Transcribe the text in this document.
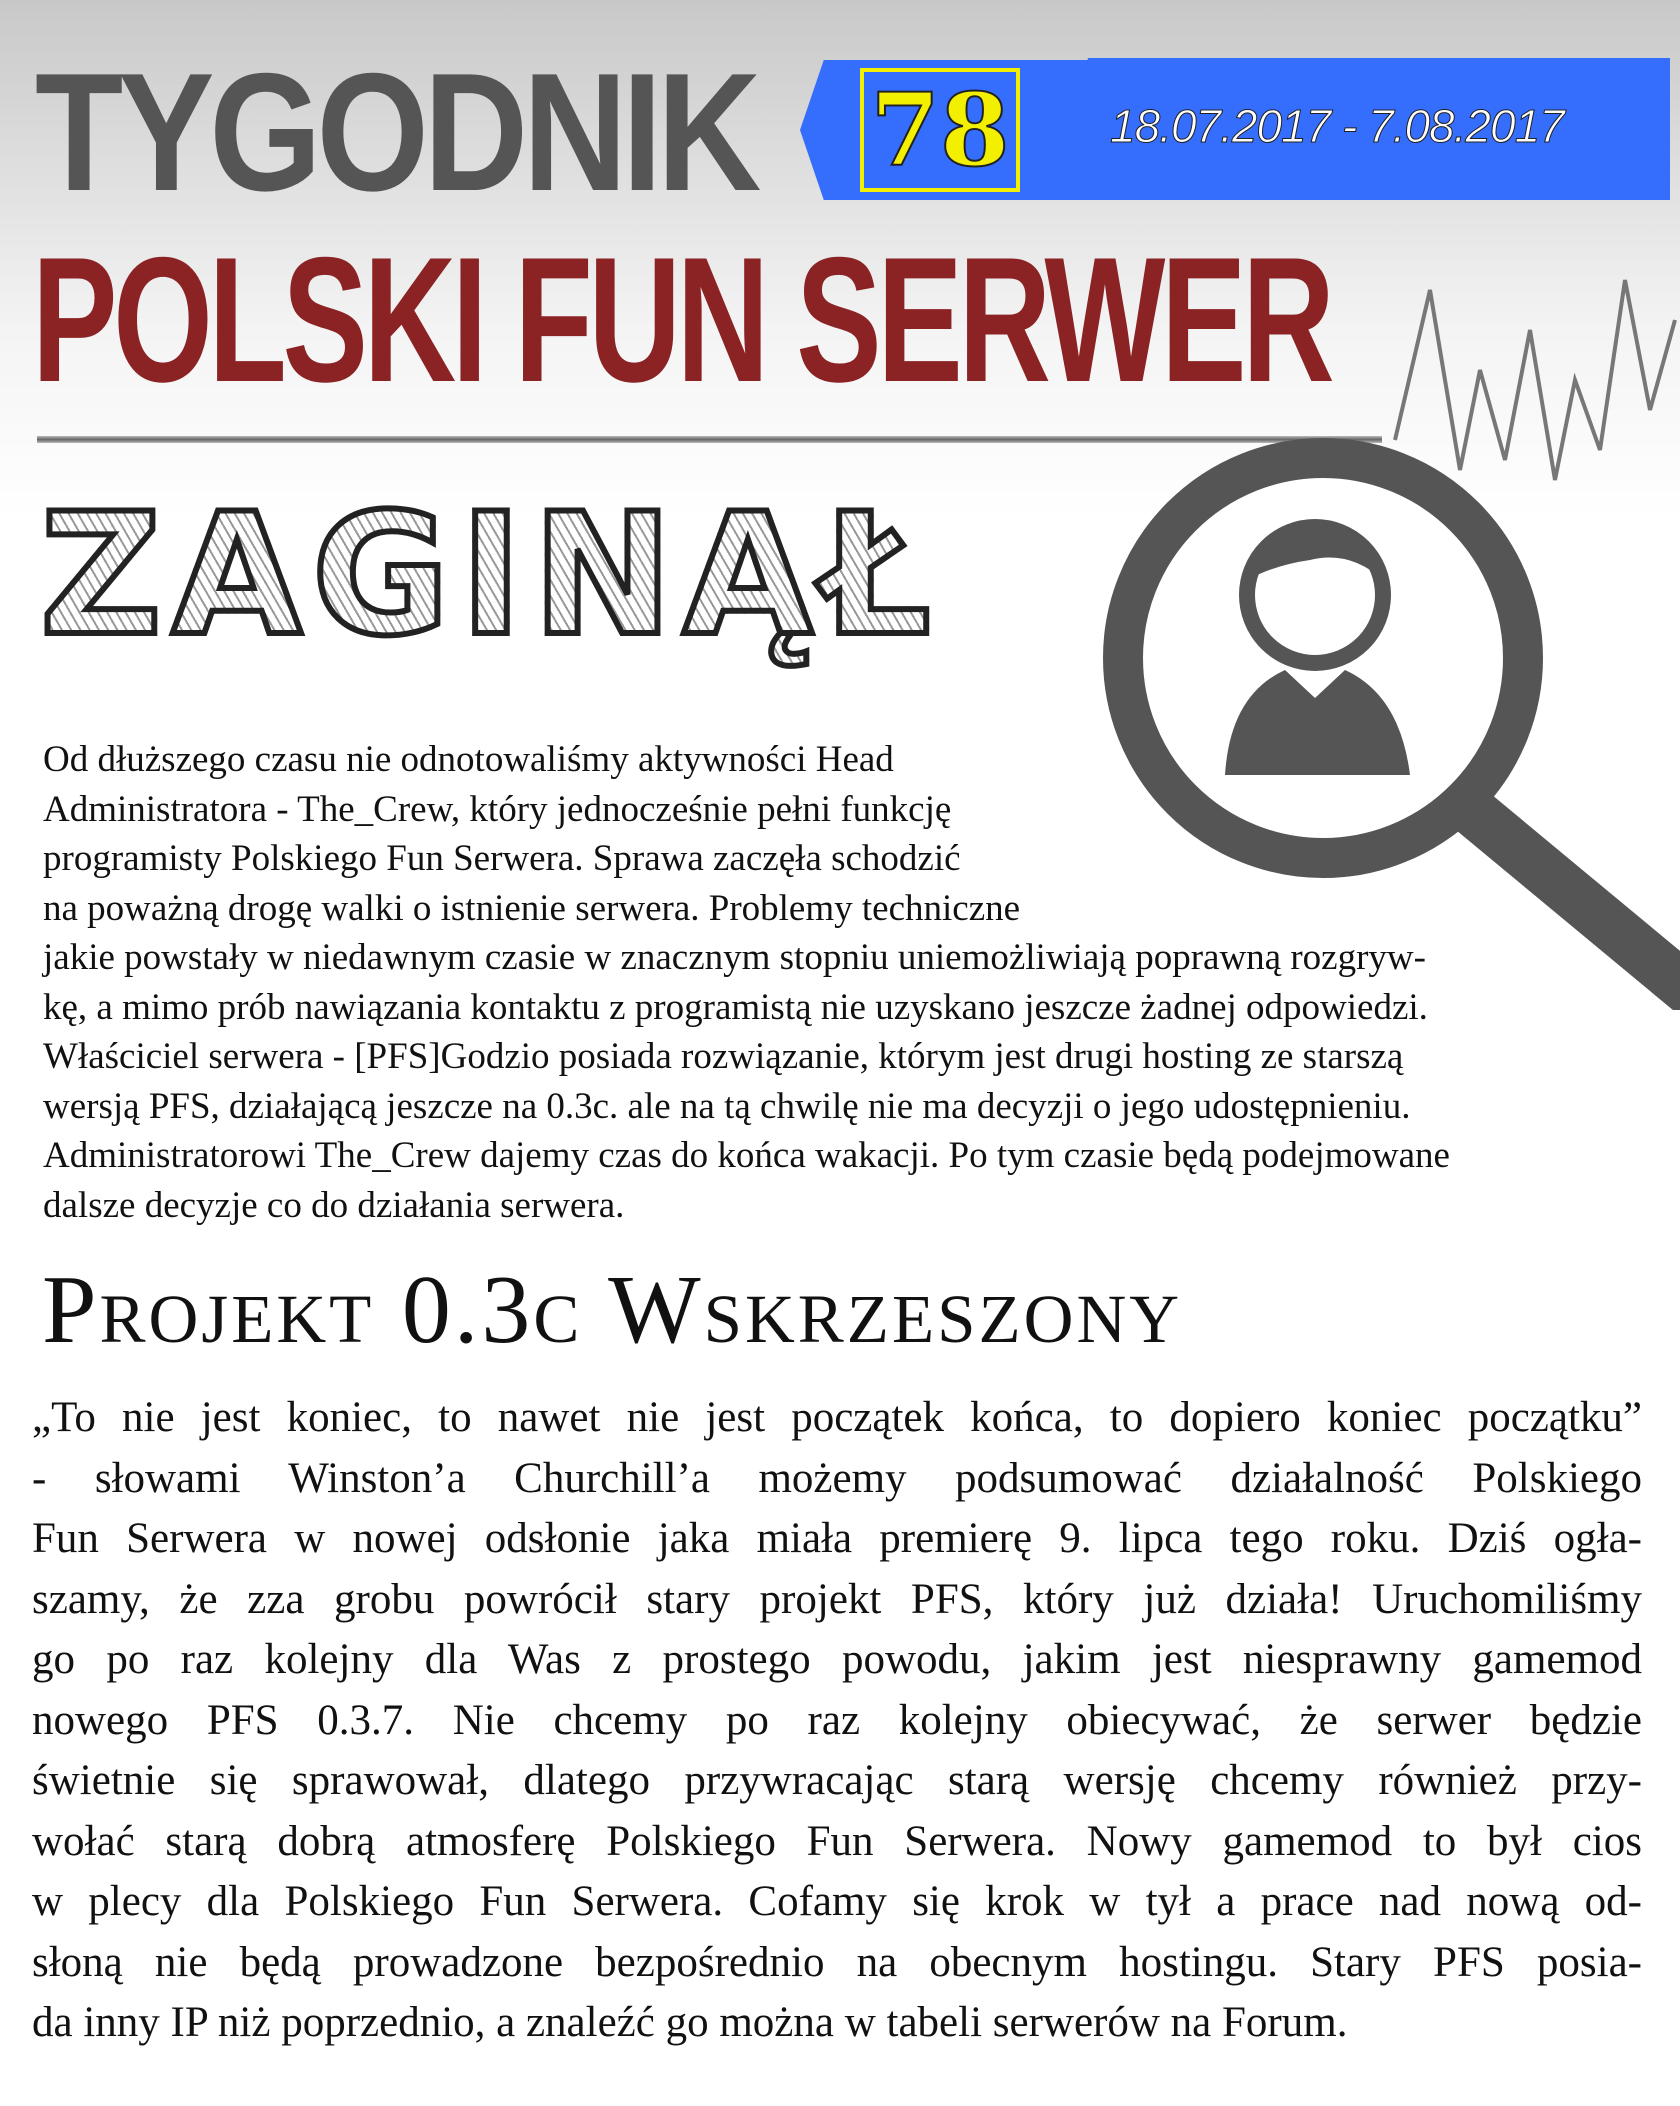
TYGODNIK 78 18.07.2017 - 7.08.2017
POLSKI FUN SERWER
ZAGINĄŁ
Od dłuższego czasu nie odnotowaliśmy aktywności Head
Administratora - The_Crew, który jednocześnie pełni funkcję
programisty Polskiego Fun Serwera. Sprawa zaczęła schodzić
na poważną drogę walki o istnienie serwera. Problemy techniczne
jakie powstały w niedawnym czasie w znacznym stopniu uniemożliwiają poprawną rozgryw-
kę, a mimo prób nawiązania kontaktu z programistą nie uzyskano jeszcze żadnej odpowiedzi.
Właściciel serwera - [PFS]Godzio posiada rozwiązanie, którym jest drugi hosting ze starszą
wersją PFS, działającą jeszcze na 0.3c. ale na tą chwilę nie ma decyzji o jego udostępnieniu.
Administratorowi The_Crew dajemy czas do końca wakacji. Po tym czasie będą podejmowane
dalsze decyzje co do działania serwera.
Projekt 0.3c Wskrzeszony
„To nie jest koniec, to nawet nie jest początek końca, to dopiero koniec początku”
- słowami Winston’a Churchill’a możemy podsumować działalność Polskiego
Fun Serwera w nowej odsłonie jaka miała premierę 9. lipca tego roku. Dziś ogła-
szamy, że zza grobu powrócił stary projekt PFS, który już działa! Uruchomiliśmy
go po raz kolejny dla Was z prostego powodu, jakim jest niesprawny gamemod
nowego PFS 0.3.7. Nie chcemy po raz kolejny obiecywać, że serwer będzie
świetnie się sprawował, dlatego przywracając starą wersję chcemy również przy-
wołać starą dobrą atmosferę Polskiego Fun Serwera. Nowy gamemod to był cios
w plecy dla Polskiego Fun Serwera. Cofamy się krok w tył a prace nad nową od-
słoną nie będą prowadzone bezpośrednio na obecnym hostingu. Stary PFS posia-
da inny IP niż poprzednio, a znaleźć go można w tabeli serwerów na Forum.
